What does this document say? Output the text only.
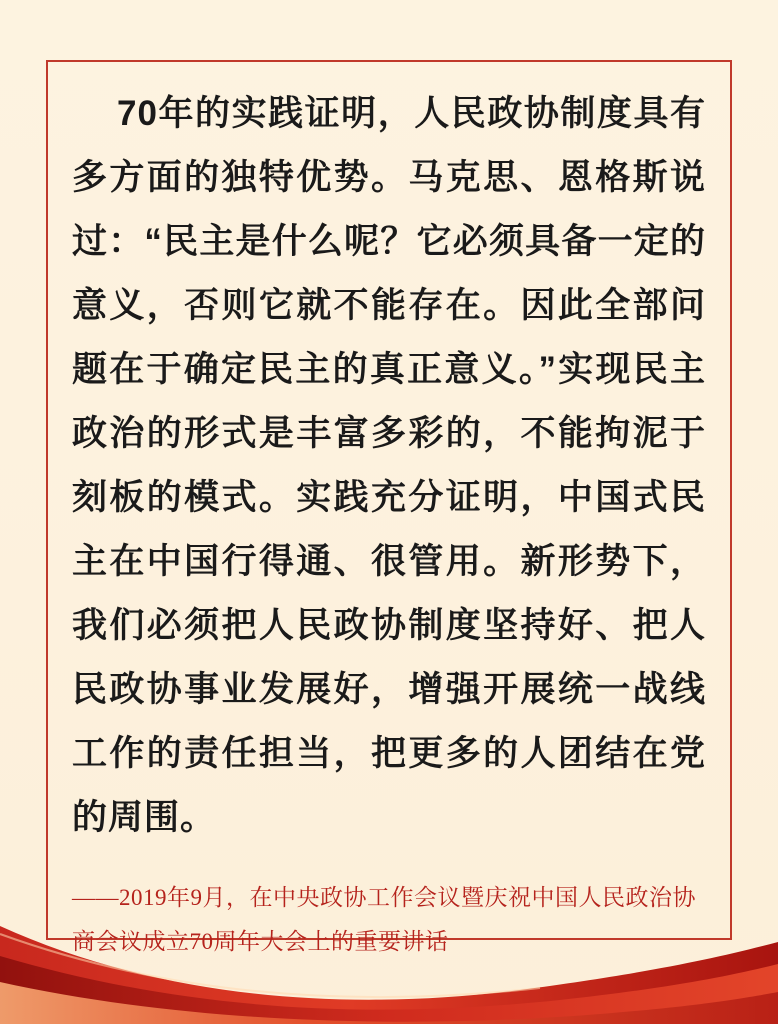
70年的实践证明，人民政协制度具有多方面的独特优势。马克思、恩格斯说过：“民主是什么呢？它必须具备一定的意义，否则它就不能存在。因此全部问题在于确定民主的真正意义。”实现民主政治的形式是丰富多彩的，不能拘泥于刻板的模式。实践充分证明，中国式民主在中国行得通、很管用。新形势下，我们必须把人民政协制度坚持好、把人民政协事业发展好，增强开展统一战线工作的责任担当，把更多的人团结在党的周围。
——2019年9月，在中央政协工作会议暨庆祝中国人民政治协商会议成立70周年大会上的重要讲话
